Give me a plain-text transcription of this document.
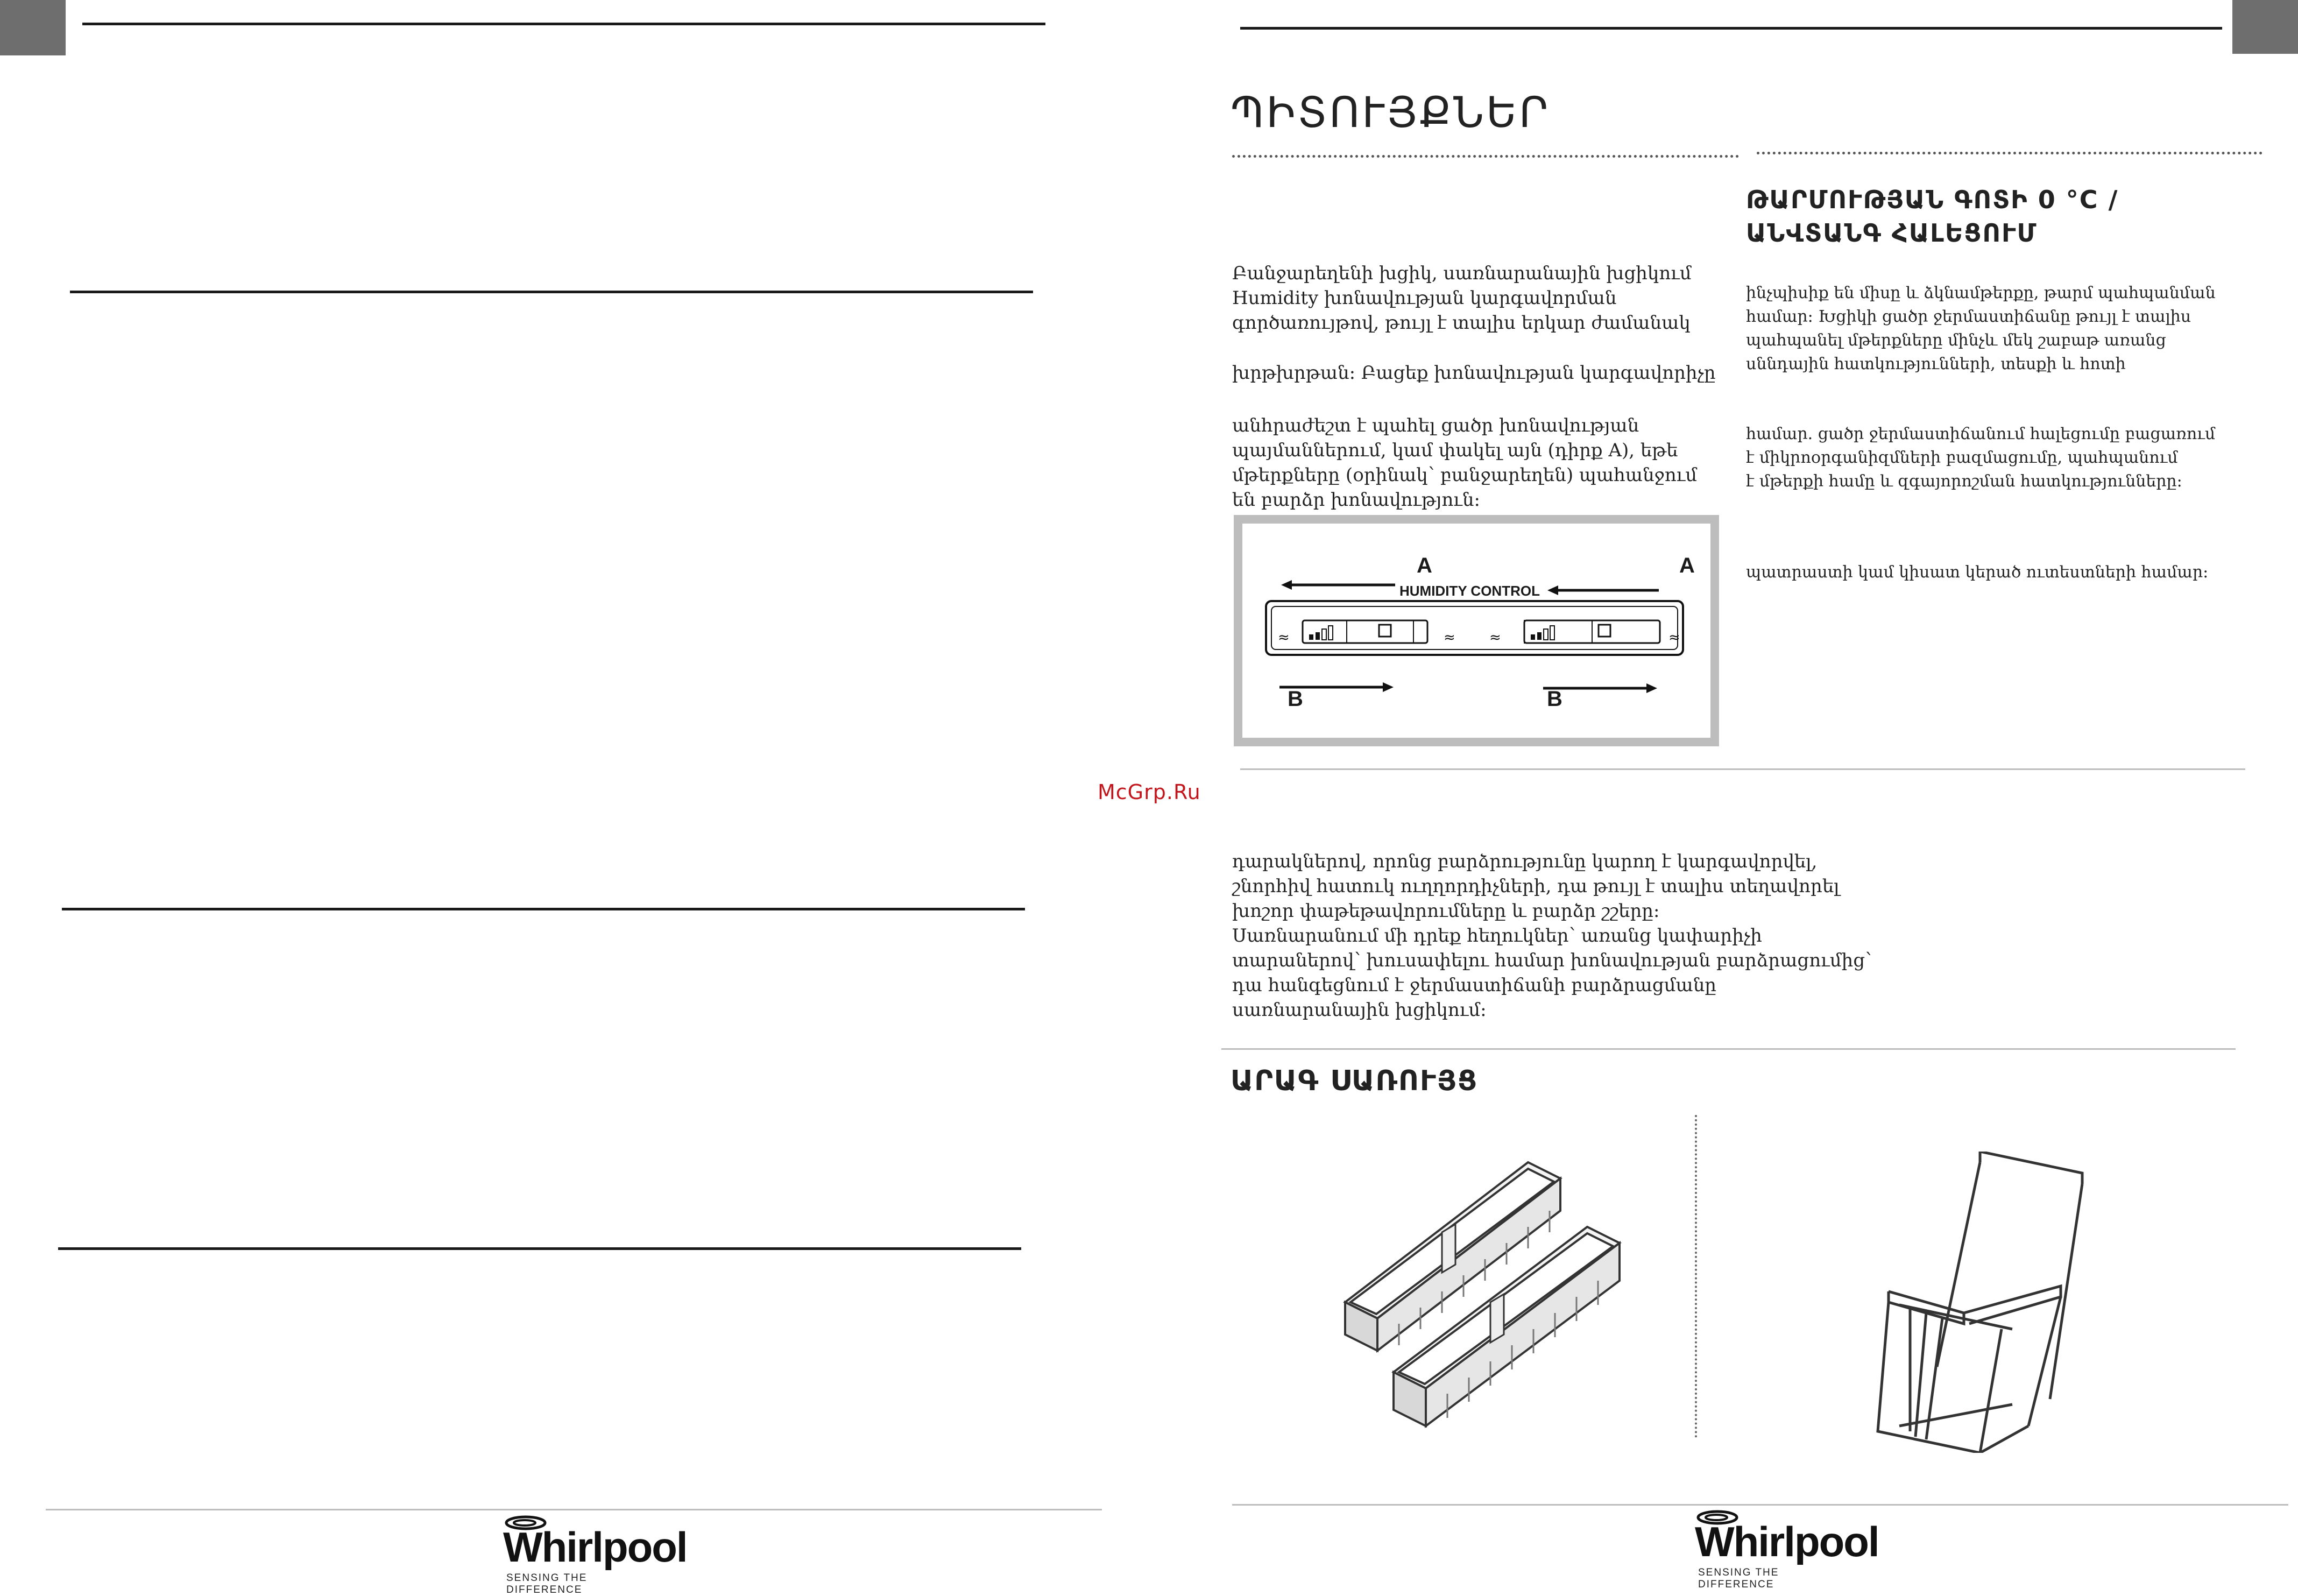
Whirlpool
SENSING THE DIFFERENCE
McGrp.Ru
ՊԻՏՈՒՅՔՆԵՐ

Բանջարեղենի խցիկ, սառնարանային խցիկում
Humidity խոնավության կարգավորման
գործառույթով, թույլ է տալիս երկար ժամանակ

խրթխրթան: Բացեք խոնավության կարգավորիչը

անհրաժեշտ է պահել ցածր խոնավության
պայմաններում, կամ փակել այն (դիրք A), եթե
մթերքները (օրինակ՝ բանջարեղեն) պահանջում
են բարձր խոնավություն:

≈	≈ ≈	≈
A	A
HUMIDITY CONTROL
B	B
ԹԱՐՄՈՒԹՅԱՆ ԳՈՏԻ 0 °C / ԱՆՎՏԱՆԳ ՀԱԼԵՑՈՒՄ

ինչպիսիք են միսը և ձկնամթերքը, թարմ պահպանման
համար: Խցիկի ցածր ջերմաստիճանը թույլ է տալիս
պահպանել մթերքները մինչև մեկ շաբաթ առանց
սննդային հատկությունների, տեսքի և հոտի

համար. ցածր ջերմաստիճանում հալեցումը բացառում
է միկրոօրգանիզմների բազմացումը, պահպանում
է մթերքի համը և զգայորոշման հատկությունները:

պատրաստի կամ կիսատ կերած ուտեստների համար:

դարակներով, որոնց բարձրությունը կարող է կարգավորվել,
շնորհիվ հատուկ ուղղորդիչների, դա թույլ է տալիս տեղավորել
խոշոր փաթեթավորումները և բարձր շշերը:
Սառնարանում մի դրեք հեղուկներ՝ առանց կափարիչի
տարաներով՝ խուսափելու համար խոնավության բարձրացումից՝
դա հանգեցնում է ջերմաստիճանի բարձրացմանը
սառնարանային խցիկում:

ԱՐԱԳ ՍԱՌՈՒՅՑ
Whirlpool
SENSING THE DIFFERENCE
